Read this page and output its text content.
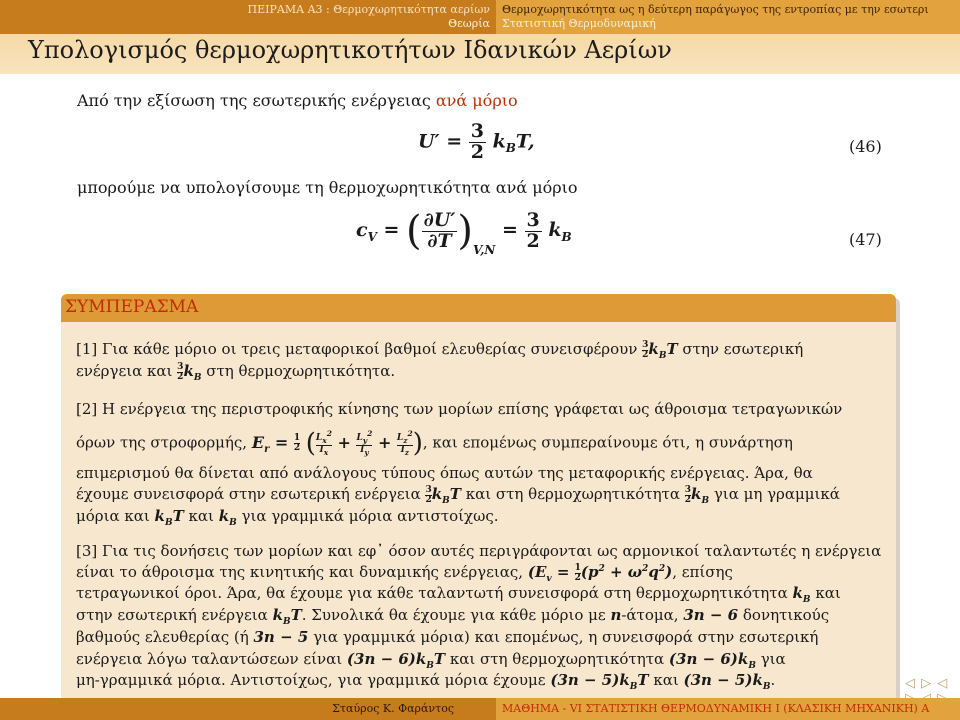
ΠΕΙΡΑΜΑ Α3 : Θερμοχωρητικότητα αερίων
Θεωρία
Θερμοχωρητικότητα ως η δεύτερη παράγωγος της εντροπίας με την εσωτερι
Στατιστική Θερμοδυναμική
Υπολογισμός θερμοχωρητικοτήτων Ιδανικών Αερίων
Από την εξίσωση της εσωτερικής ενέργειας ανά μόριο
$U' = \frac{3}{2} k_BT$,	(46)
μπορούμε να υπολογίσουμε τη θερμοχωρητικότητα ανά μόριο
$c_V$ = ( $\frac{\partial U'}{\partial T} )_{V,N} = \frac{3}{2} k_B$	(47)
ΣΥΜΠΕΡΑΣΜΑ
[1] Για κάθε μόριο οι τρεις μεταφορικοί βαθμοί ελευθερίας συνεισφέρουν $\frac{3}{2} k_BT$ στην εσωτερική
ενέργεια και $\frac{3}{2} k_B$ στη θερμοχωρητικότητα.
[2] Η ενέργεια της περιστροφικής κίνησης των μορίων επίσης γράφεται ως άθροισμα τετραγωνικών
όρων της στροφορμής, $E_r = \frac{1}{2}$ ( $\frac{L_x^2}{I_x} + \frac{L_y^2}{I_y} + \frac{L_z^2}{I_z}$ ), και επομένως συμπεραίνουμε ότι, η συνάρτηση
επιμερισμού θα δίνεται από ανάλογους τύπους όπως αυτών της μεταφορικής ενέργειας. Άρα, θα
έχουμε συνεισφορά στην εσωτερική ενέργεια $\frac{3}{2} k_BT$ και στη θερμοχωρητικότητα $\frac{3}{2} k_B$ για μη γραμμικά
μόρια και $k_BT$ και $k_B$ για γραμμικά μόρια αντιστοίχως.
[3] Για τις δονήσεις των μορίων και εφ᾽ όσον αυτές περιγράφονται ως αρμονικοί ταλαντωτές η ενέργεια
είναι το άθροισμα της κινητικής και δυναμικής ενέργειας, ($E_v = \frac{1}{2} (p^2 + \omega^2q^2)$, επίσης
τετραγωνικοί όροι. Άρα, θα έχουμε για κάθε ταλαντωτή συνεισφορά στη θερμοχωρητικότητα $k_B$ και
στην εσωτερική ενέργεια $k_BT$. Συνολικά θα έχουμε για κάθε μόριο με n-άτομα, 3n − 6 δονητικούς
βαθμούς ελευθερίας (ή 3n − 5 για γραμμικά μόρια) και επομένως, η συνεισφορά στην εσωτερική
ενέργεια λόγω ταλαντώσεων είναι $(3n - 6)k_BT$ και στη θερμοχωρητικότητα $(3n - 6)k_B$ για
μη-γραμμικά μόρια. Αντιστοίχως, για γραμμικά μόρια έχουμε $(3n - 5)k_BT$ και $(3n - 5)k_B$.	◁ ▷ ◁
Σταύρος Κ. Φαράντος	ΜΑΘΗΜΑ - VI ΣΤΑΤΙΣΤΙΚΗ ΘΕΡΜΟΔΥΝΑΜΙΚΗ Ι (ΚΛΑΣΙΚΗ ΜΗΧΑΝΙΚΗ) Α
